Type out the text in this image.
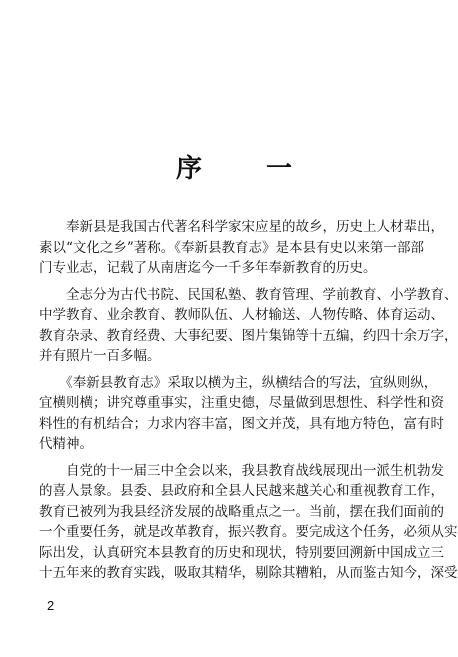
序　　一

　　奉新县是我国古代著名科学家宋应星的故乡，历史上人材辈出，
素以“文化之乡”著称。《奉新县教育志》是本县有史以来第一部部
门专业志，记载了从南唐迄今一千多年奉新教育的历史。

　　全志分为古代书院、民国私塾、教育管理、学前教育、小学教育、
中学教育、业余教育、教师队伍、人材输送、人物传略、体育运动、
教育杂录、教育经费、大事纪要、图片集锦等十五编，约四十余万字，
并有照片一百多幅。

　　《奉新县教育志》采取以横为主，纵横结合的写法，宜纵则纵，
宜横则横；讲究尊重事实，注重史德，尽量做到思想性、科学性和资
料性的有机结合；力求内容丰富，图文并茂，具有地方特色，富有时
代精神。

　　自党的十一届三中全会以来，我县教育战线展现出一派生机勃发
的喜人景象。县委、县政府和全县人民越来越关心和重视教育工作，
教育已被列为我县经济发展的战略重点之一。当前，摆在我们面前的
一个重要任务，就是改革教育，振兴教育。要完成这个任务，必须从实
际出发，认真研究本县教育的历史和现状，特别要回溯新中国成立三
十五年来的教育实践，吸取其精华，剔除其糟粕，从而鉴古知今，深受

2
